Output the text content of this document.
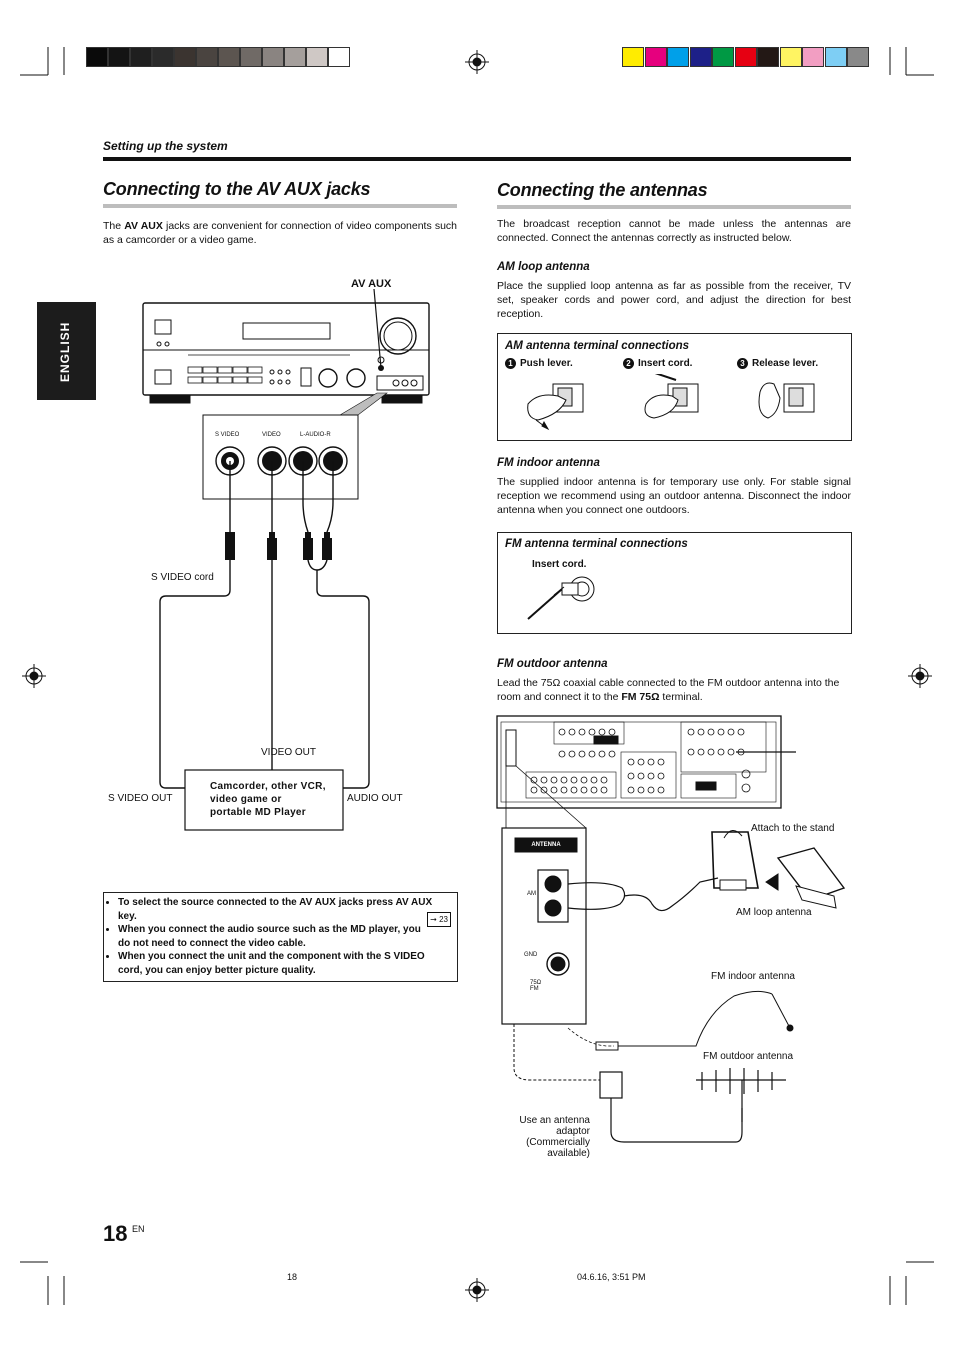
Setting up the system
ENGLISH
Connecting to the AV AUX jacks
The AV AUX jacks are convenient for connection of video components such as a camcorder or a video game.
AV AUX
S VIDEO	VIDEO	L-AUDIO-R
S VIDEO cord
VIDEO OUT
S VIDEO OUT	AUDIO OUT
Camcorder, other VCR, video game or portable MD Player
• To select the source connected to the AV AUX jacks press AV AUX key.	➞ 23
• When you connect the audio source such as the MD player, you do not need to connect the video cable.
• When you connect the unit and the component with the S VIDEO cord, you can enjoy better picture quality.
Connecting the antennas
The broadcast reception cannot be made unless the antennas are connected. Connect the antennas correctly as instructed below.
AM loop antenna
Place the supplied loop antenna as far as possible from the receiver, TV set, speaker cords and power cord, and adjust the direction for best reception.
AM antenna terminal connections
1 Push lever.	2 Insert cord.	3 Release lever.
FM indoor antenna
The supplied indoor antenna is for temporary use only. For stable signal reception we recommend using an outdoor antenna. Disconnect the indoor antenna when you connect one outdoors.
FM antenna terminal connections
Insert cord.
FM outdoor antenna
Lead the 75Ω coaxial cable connected to the FM outdoor antenna into the room and connect it to the FM 75Ω terminal.
ANTENNA
AM
GND
75Ω FM
Attach to the stand
AM loop antenna
FM indoor antenna
FM outdoor antenna
Use an antenna adaptor (Commercially available)
18 $^{EN}$
18	04.6.16, 3:51 PM
